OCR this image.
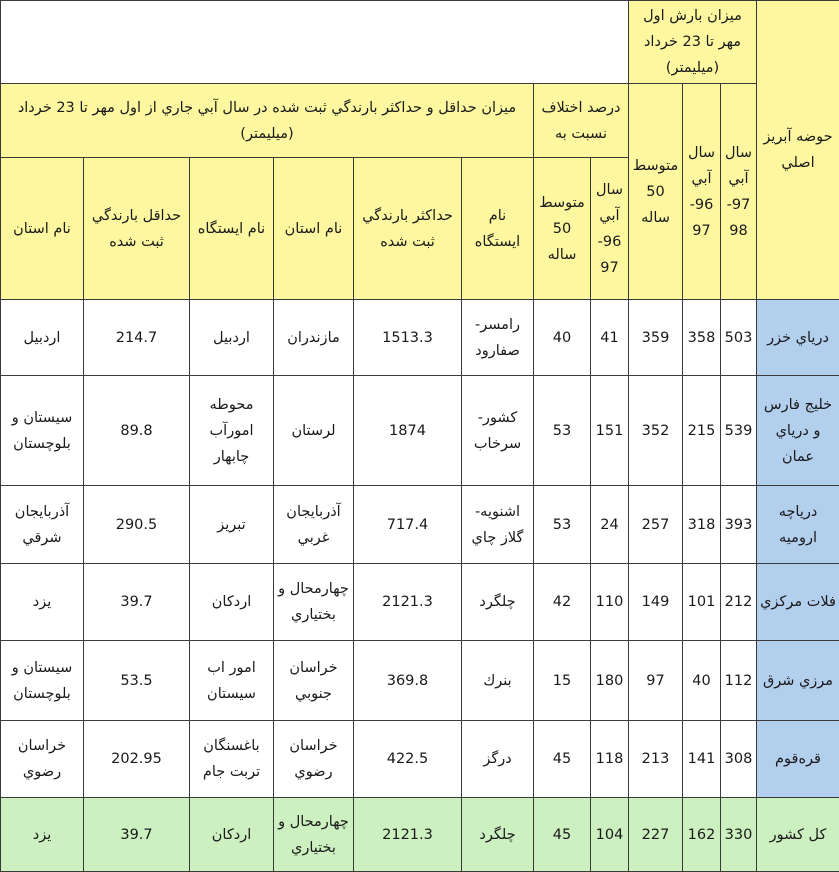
حوضه آبريز اصلي	ميزان بارش اول مهر تا 23 خرداد (ميليمتر)										
	سال آبي 97-98	سال آبي 96-97	متوسط 50 ساله	درصد اختلاف نسبت به		ميزان حداقل و حداكثر بارندگي ثبت شده در سال آبي جاري از اول مهر تا 23 خرداد (ميليمتر)					
				سال آبي 96-97	متوسط 50 ساله	نام ايستگاه	حداكثر بارندگي ثبت شده	نام استان	نام ايستگاه	حداقل بارندگي ثبت شده	نام استان
درياي خزر	503	358	359	41	40	رامسر- صفارود	1513.3	مازندران	اردبيل	214.7	اردبيل
خليج فارس و درياي عمان	539	215	352	151	53	كشور- سرخاب	1874	لرستان	محوطه امورآب چابهار	89.8	سيستان و بلوچستان
درياچه اروميه	393	318	257	24	53	اشنويه- گلاز چاي	717.4	آذربايجان غربي	تبريز	290.5	آذربايجان شرقي
فلات مركزي	212	101	149	110	42	چلگرد	2121.3	چهارمحال و بختياري	اردكان	39.7	يزد
مرزي شرق	112	40	97	180	15	بنرك	369.8	خراسان جنوبي	امور اب سيستان	53.5	سيستان و بلوچستان
قره‌قوم	308	141	213	118	45	درگز	422.5	خراسان رضوي	باغسنگان تربت جام	202.95	خراسان رضوي
كل كشور	330	162	227	104	45	چلگرد	2121.3	چهارمحال و بختياري	اردكان	39.7	يزد
